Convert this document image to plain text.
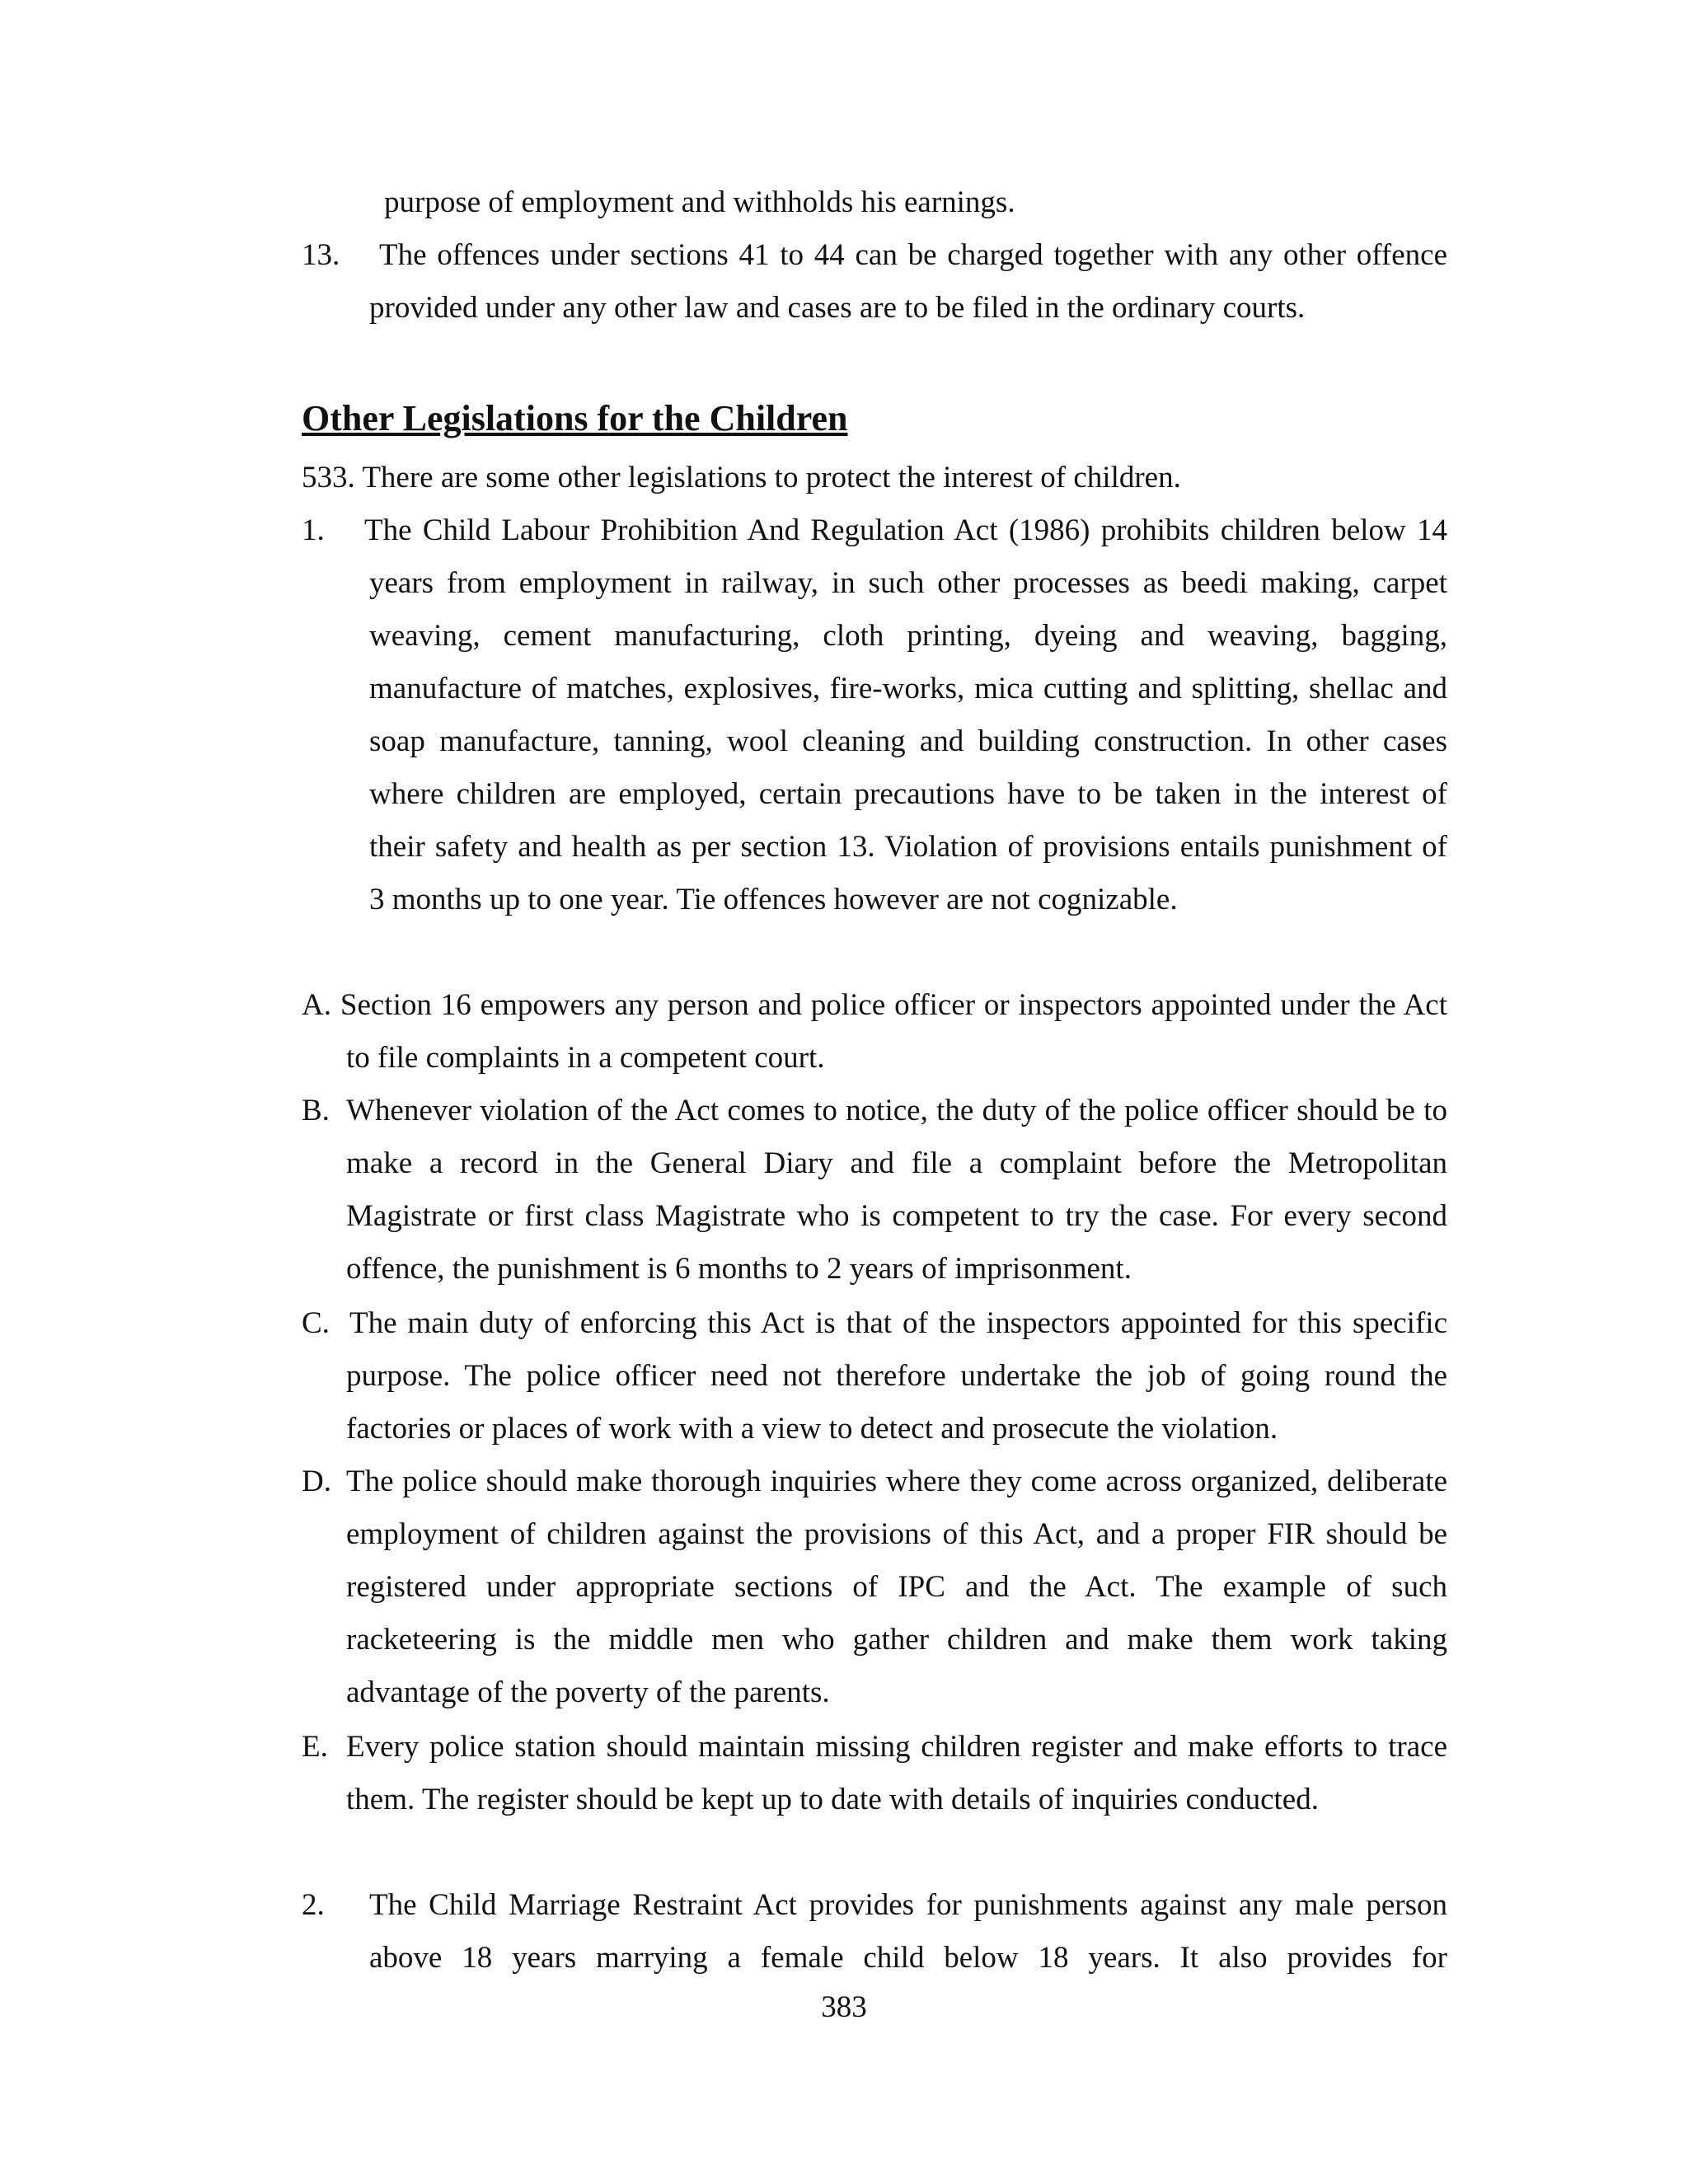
purpose of employment and withholds his earnings.
13. The offences under sections 41 to 44 can be charged together with any other offence
provided under any other law and cases are to be filed in the ordinary courts.
Other Legislations for the Children
533. There are some other legislations to protect the interest of children.
1. The Child Labour Prohibition And Regulation Act (1986) prohibits children below 14
years from employment in railway, in such other processes as beedi making, carpet
weaving, cement manufacturing, cloth printing, dyeing and weaving, bagging,
manufacture of matches, explosives, fire-works, mica cutting and splitting, shellac and
soap manufacture, tanning, wool cleaning and building construction. In other cases
where children are employed, certain precautions have to be taken in the interest of
their safety and health as per section 13. Violation of provisions entails punishment of
3 months up to one year. Tie offences however are not cognizable.
A. Section 16 empowers any person and police officer or inspectors appointed under the Act
to file complaints in a competent court.
B. Whenever violation of the Act comes to notice, the duty of the police officer should be to
make a record in the General Diary and file a complaint before the Metropolitan
Magistrate or first class Magistrate who is competent to try the case. For every second
offence, the punishment is 6 months to 2 years of imprisonment.
C. The main duty of enforcing this Act is that of the inspectors appointed for this specific
purpose. The police officer need not therefore undertake the job of going round the
factories or places of work with a view to detect and prosecute the violation.
D. The police should make thorough inquiries where they come across organized, deliberate
employment of children against the provisions of this Act, and a proper FIR should be
registered under appropriate sections of IPC and the Act. The example of such
racketeering is the middle men who gather children and make them work taking
advantage of the poverty of the parents.
E. Every police station should maintain missing children register and make efforts to trace
them. The register should be kept up to date with details of inquiries conducted.
2. The Child Marriage Restraint Act provides for punishments against any male person
above 18 years marrying a female child below 18 years. It also provides for
383
